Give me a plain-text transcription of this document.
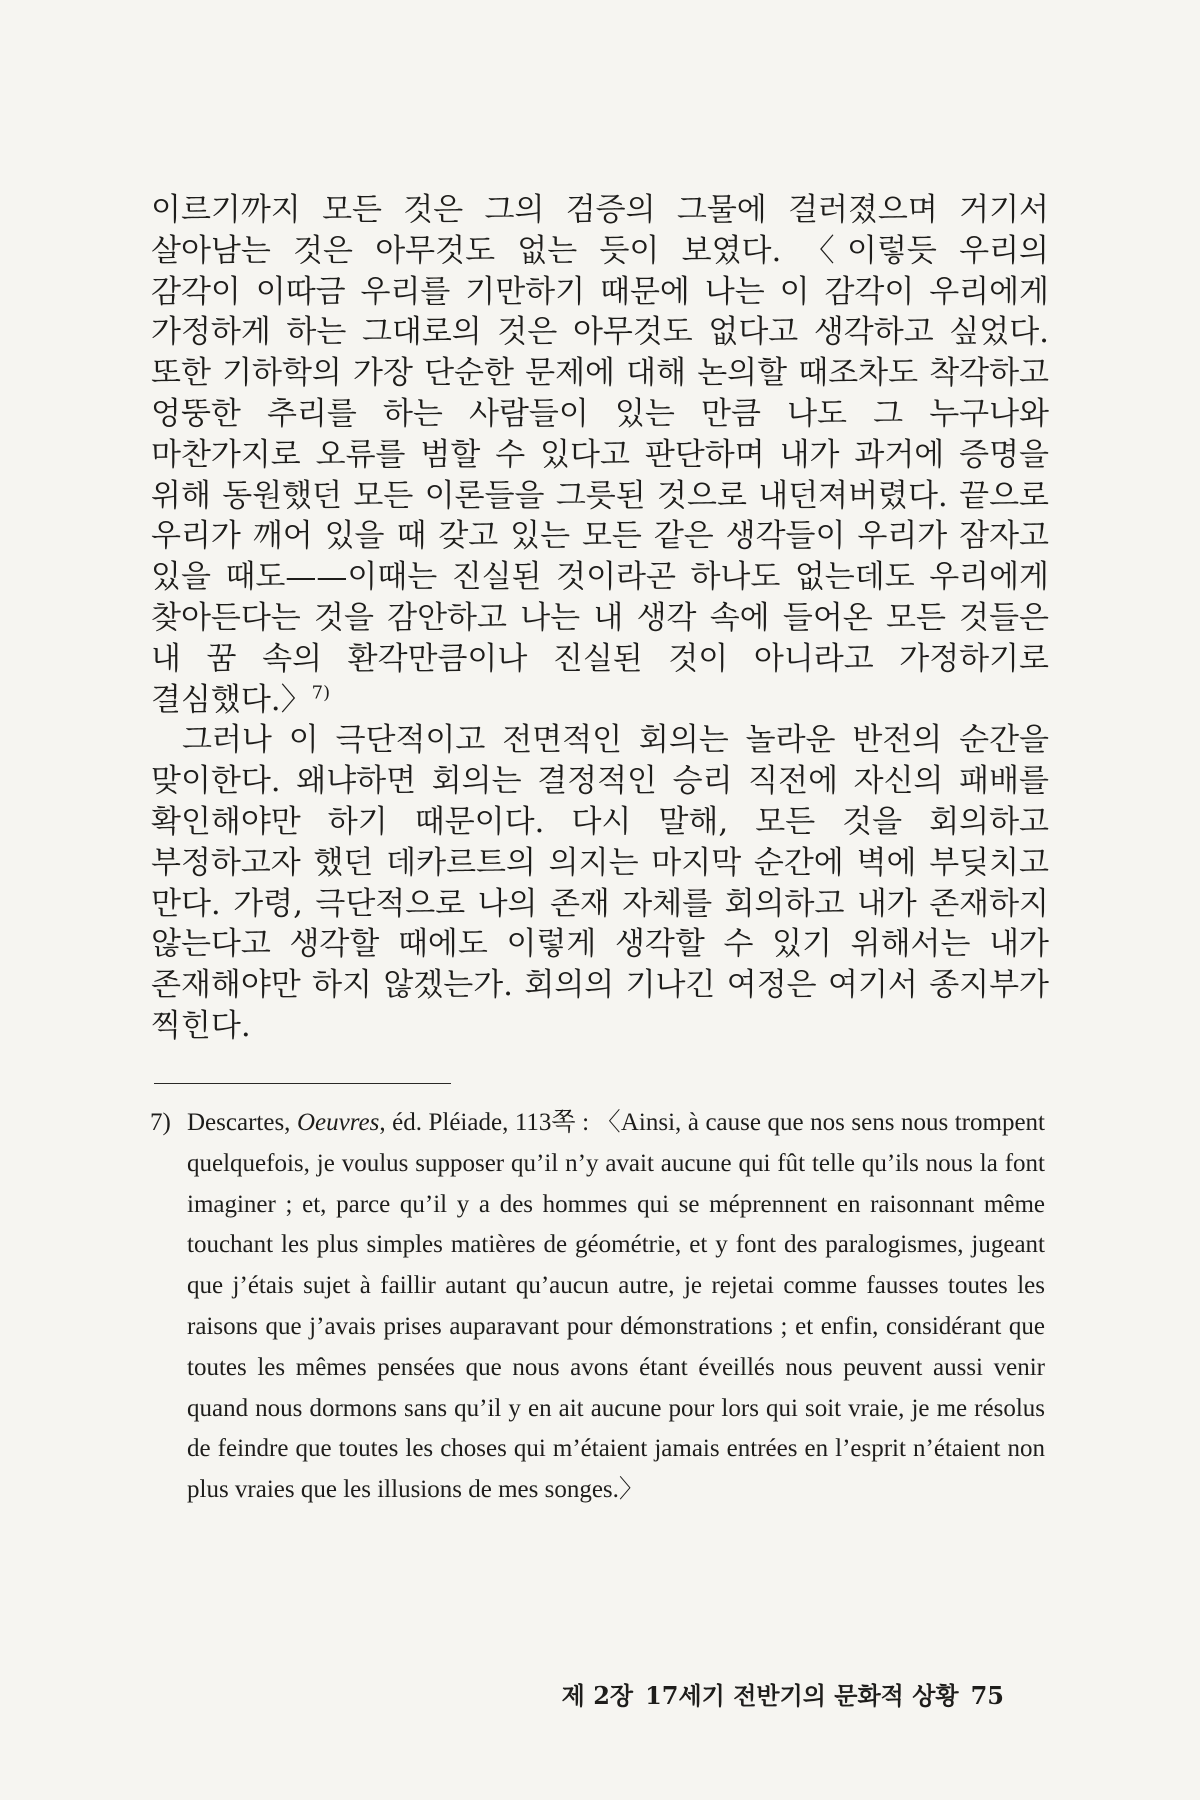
이르기까지 모든 것은 그의 검증의 그물에 걸러졌으며 거기서 살아남는 것은 아무것도 없는 듯이 보였다. 〈이렇듯 우리의 감각이 이따금 우리를 기만하기 때문에 나는 이 감각이 우리에게 가정하게 하는 그대로의 것은 아무것도 없다고 생각하고 싶었다. 또한 기하학의 가장 단순한 문제에 대해 논의할 때조차도 착각하고 엉뚱한 추리를 하는 사람들이 있는 만큼 나도 그 누구나와 마찬가지로 오류를 범할 수 있다고 판단하며 내가 과거에 증명을 위해 동원했던 모든 이론들을 그릇된 것으로 내던져버렸다. 끝으로 우리가 깨어 있을 때 갖고 있는 모든 같은 생각들이 우리가 잠자고 있을 때도——이때는 진실된 것이라곤 하나도 없는데도 우리에게 찾아든다는 것을 감안하고 나는 내 생각 속에 들어온 모든 것들은 내 꿈 속의 환각만큼이나 진실된 것이 아니라고 가정하기로 결심했다.〉$^{7)}$

그러나 이 극단적이고 전면적인 회의는 놀라운 반전의 순간을 맞이한다. 왜냐하면 회의는 결정적인 승리 직전에 자신의 패배를 확인해야만 하기 때문이다. 다시 말해, 모든 것을 회의하고 부정하고자 했던 데카르트의 의지는 마지막 순간에 벽에 부딪치고 만다. 가령, 극단적으로 나의 존재 자체를 회의하고 내가 존재하지 않는다고 생각할 때에도 이렇게 생각할 수 있기 위해서는 내가 존재해야만 하지 않겠는가. 회의의 기나긴 여정은 여기서 종지부가 찍힌다.

7) Descartes, Oeuvres, éd. Pléiade, 113쪽 : 〈Ainsi, à cause que nos sens nous trompent quelquefois, je voulus supposer qu’il n’y avait aucune qui fût telle qu’ils nous la font imaginer ; et, parce qu’il y a des hommes qui se méprennent en raisonnant même touchant les plus simples matières de géométrie, et y font des paralogismes, jugeant que j’étais sujet à faillir autant qu’aucun autre, je rejetai comme fausses toutes les raisons que j’avais prises auparavant pour démonstrations ; et enfin, considérant que toutes les mêmes pensées que nous avons étant éveillés nous peuvent aussi venir quand nous dormons sans qu’il y en ait aucune pour lors qui soit vraie, je me résolus de feindre que toutes les choses qui m’étaient jamais entrées en l’esprit n’étaient non plus vraies que les illusions de mes songes.〉
제 2장 17세기 전반기의 문화적 상황 75
